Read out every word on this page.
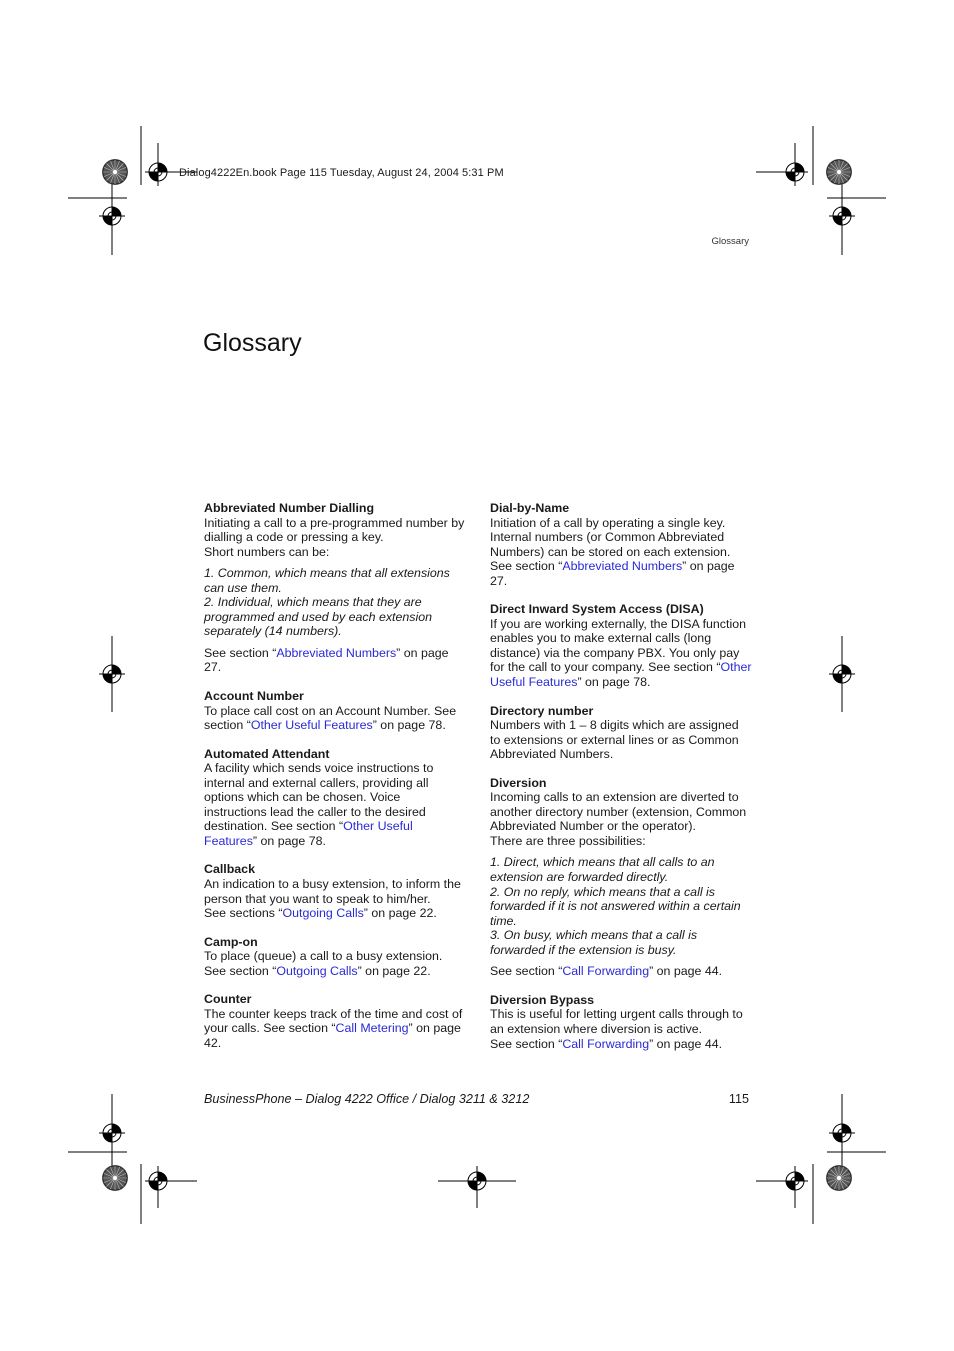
Dialog4222En.book Page 115 Tuesday, August 24, 2004 5:31 PM
Glossary
Glossary
Abbreviated Number Dialling

Initiating a call to a pre-programmed number by dialling a code or pressing a key.

Short numbers can be:

1. Common, which means that all extensions can use them.

2. Individual, which means that they are programmed and used by each extension separately (14 numbers).

See section “Abbreviated Numbers” on page 27.

Account Number

To place call cost on an Account Number. See section “Other Useful Features” on page 78.

Automated Attendant

A facility which sends voice instructions to internal and external callers, providing all options which can be chosen. Voice instructions lead the caller to the desired destination. See section “Other Useful Features” on page 78.

Callback

An indication to a busy extension, to inform the person that you want to speak to him/her.

See sections “Outgoing Calls” on page 22.

Camp-on

To place (queue) a call to a busy extension.

See section “Outgoing Calls” on page 22.

Counter

The counter keeps track of the time and cost of your calls. See section “Call Metering” on page 42.

Dial-by-Name

Initiation of a call by operating a single key. Internal numbers (or Common Abbreviated Numbers) can be stored on each extension.

See section “Abbreviated Numbers” on page 27.

Direct Inward System Access (DISA)

If you are working externally, the DISA function enables you to make external calls (long distance) via the company PBX. You only pay for the call to your company. See section “Other Useful Features” on page 78.

Directory number

Numbers with 1 – 8 digits which are assigned to extensions or external lines or as Common Abbreviated Numbers.

Diversion

Incoming calls to an extension are diverted to another directory number (extension, Common Abbreviated Number or the operator).

There are three possibilities:

1. Direct, which means that all calls to an extension are forwarded directly.

2. On no reply, which means that a call is forwarded if it is not answered within a certain time.

3. On busy, which means that a call is forwarded if the extension is busy.

See section “Call Forwarding” on page 44.

Diversion Bypass

This is useful for letting urgent calls through to an extension where diversion is active.

See section “Call Forwarding” on page 44.

BusinessPhone – Dialog 4222 Office / Dialog 3211 & 3212	115
